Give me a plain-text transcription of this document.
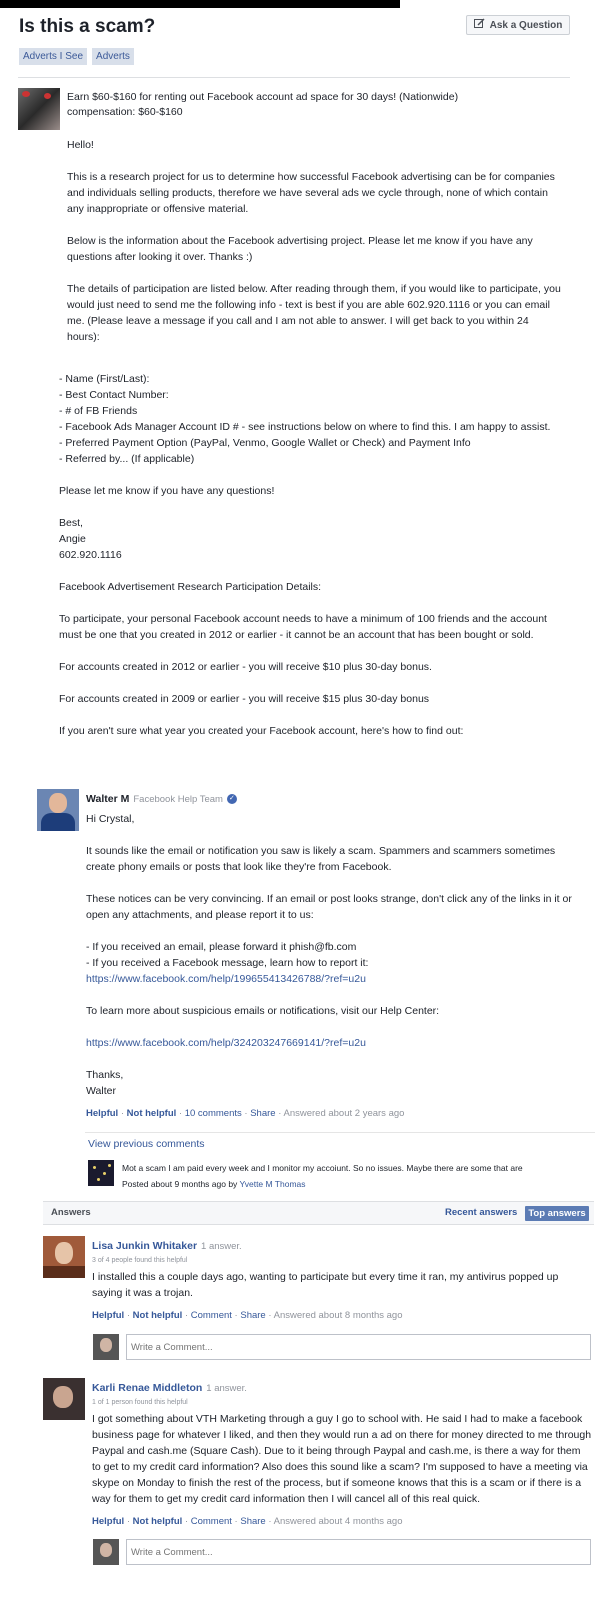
Is this a scam?	Ask a Question
Adverts I See	Adverts
Earn $60-$160 for renting out Facebook account ad space for 30 days! (Nationwide)
compensation: $60-$160

Hello!

This is a research project for us to determine how successful Facebook advertising can be for companies and individuals selling products, therefore we have several ads we cycle through, none of which contain any inappropriate or offensive material.

Below is the information about the Facebook advertising project. Please let me know if you have any questions after looking it over. Thanks :)

The details of participation are listed below. After reading through them, if you would like to participate, you would just need to send me the following info - text is best if you are able 602.920.1116 or you can email me. (Please leave a message if you call and I am not able to answer. I will get back to you within 24 hours):

- Name (First/Last):
- Best Contact Number:
- # of FB Friends
- Facebook Ads Manager Account ID # - see instructions below on where to find this. I am happy to assist.
- Preferred Payment Option (PayPal, Venmo, Google Wallet or Check) and Payment Info
- Referred by... (If applicable)

Please let me know if you have any questions!

Best,
Angie
602.920.1116

Facebook Advertisement Research Participation Details:

To participate, your personal Facebook account needs to have a minimum of 100 friends and the account must be one that you created in 2012 or earlier - it cannot be an account that has been bought or sold.

For accounts created in 2012 or earlier - you will receive $10 plus 30-day bonus.

For accounts created in 2009 or earlier - you will receive $15 plus 30-day bonus

If you aren't sure what year you created your Facebook account, here's how to find out:

Walter M Facebook Help Team ✓
Hi Crystal,

It sounds like the email or notification you saw is likely a scam. Spammers and scammers sometimes create phony emails or posts that look like they're from Facebook.

These notices can be very convincing. If an email or post looks strange, don't click any of the links in it or open any attachments, and please report it to us:

- If you received an email, please forward it phish@fb.com
- If you received a Facebook message, learn how to report it:
https://www.facebook.com/help/199655413426788/?ref=u2u

To learn more about suspicious emails or notifications, visit our Help Center:

https://www.facebook.com/help/324203247669141/?ref=u2u
Thanks,
Walter
Helpful · Not helpful · 10 comments · Share · Answered about 2 years ago
View previous comments
Mot a scam I am paid every week and I monitor my accoiunt. So no issues. Maybe there are some that are
Posted about 9 months ago by Yvette M Thomas
Answers	Recent answers	Top answers
Lisa Junkin Whitaker 1 answer.
3 of 4 people found this helpful
I installed this a couple days ago, wanting to participate but every time it ran, my antivirus popped up saying it was a trojan.
Helpful · Not helpful · Comment · Share · Answered about 8 months ago
Write a Comment...
Karli Renae Middleton 1 answer.
1 of 1 person found this helpful
I got something about VTH Marketing through a guy I go to school with. He said I had to make a facebook business page for whatever I liked, and then they would run a ad on there for money directed to me through Paypal and cash.me (Square Cash). Due to it being through Paypal and cash.me, is there a way for them to get to my credit card information? Also does this sound like a scam? I'm supposed to have a meeting via skype on Monday to finish the rest of the process, but if someone knows that this is a scam or if there is a way for them to get my credit card information then I will cancel all of this real quick.
Helpful · Not helpful · Comment · Share · Answered about 4 months ago
Write a Comment...
